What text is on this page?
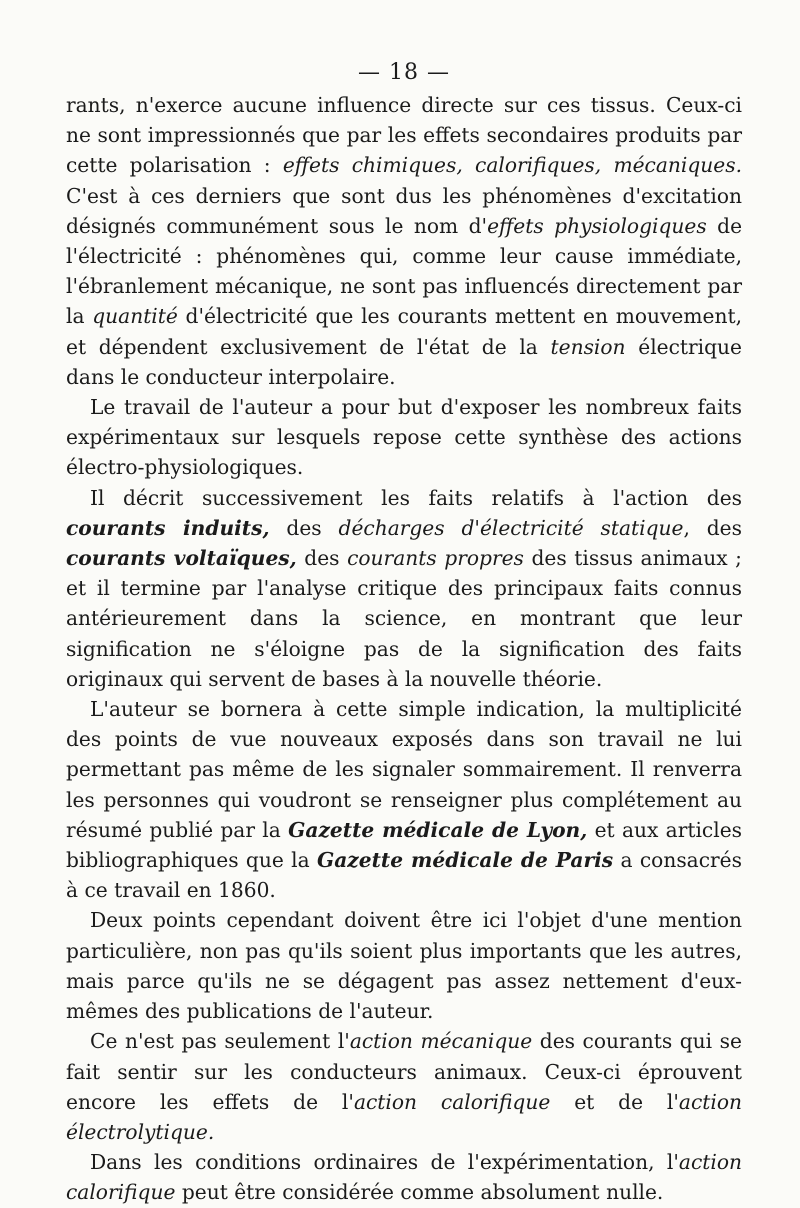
— 18 —

rants, n'exerce aucune influence directe sur ces tissus. Ceux-ci ne sont impressionnés que par les effets secondaires produits par cette polarisation : effets chimiques, calorifiques, mécaniques. C'est à ces derniers que sont dus les phénomènes d'excitation désignés communément sous le nom d'effets physiologiques de l'électricité : phénomènes qui, comme leur cause immédiate, l'ébranlement mécanique, ne sont pas influencés directement par la quantité d'électricité que les courants mettent en mouvement, et dépendent exclusivement de l'état de la tension électrique dans le conducteur interpolaire.

Le travail de l'auteur a pour but d'exposer les nombreux faits expérimentaux sur lesquels repose cette synthèse des actions électro-physiologiques.

Il décrit successivement les faits relatifs à l'action des courants induits, des décharges d'électricité statique, des courants voltaïques, des courants propres des tissus animaux ; et il termine par l'analyse critique des principaux faits connus antérieurement dans la science, en montrant que leur signification ne s'éloigne pas de la signification des faits originaux qui servent de bases à la nouvelle théorie.

L'auteur se bornera à cette simple indication, la multiplicité des points de vue nouveaux exposés dans son travail ne lui permettant pas même de les signaler sommairement. Il renverra les personnes qui voudront se renseigner plus complétement au résumé publié par la Gazette médicale de Lyon, et aux articles bibliographiques que la Gazette médicale de Paris a consacrés à ce travail en 1860.

Deux points cependant doivent être ici l'objet d'une mention particulière, non pas qu'ils soient plus importants que les autres, mais parce qu'ils ne se dégagent pas assez nettement d'eux-mêmes des publications de l'auteur.

Ce n'est pas seulement l'action mécanique des courants qui se fait sentir sur les conducteurs animaux. Ceux-ci éprouvent encore les effets de l'action calorifique et de l'action électrolytique.

Dans les conditions ordinaires de l'expérimentation, l'action calorifique peut être considérée comme absolument nulle.
